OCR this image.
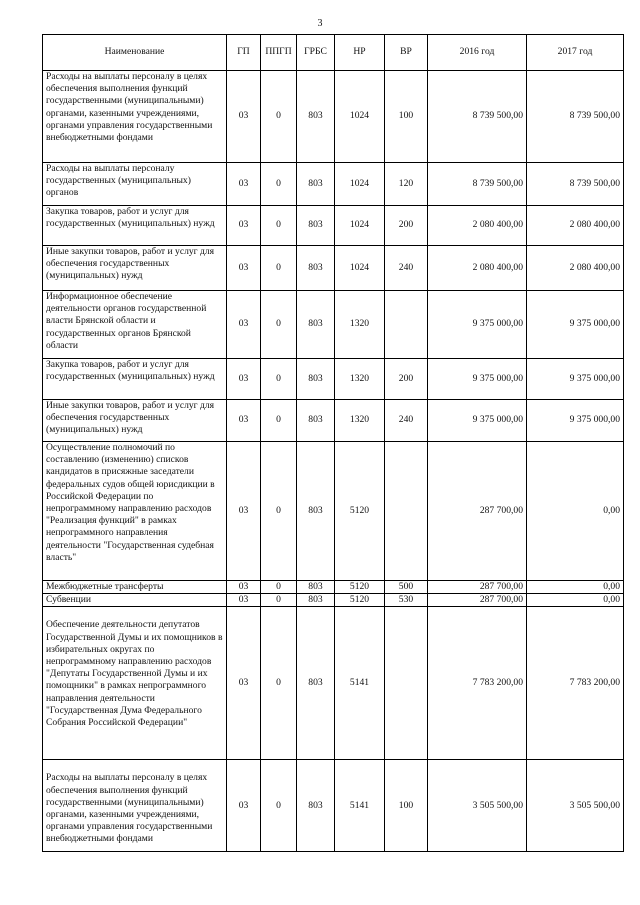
3
Наименование	ГП	ППГП	ГРБС	НР	ВР	2016 год	2017 год
Расходы на выплаты персоналу в целях обеспечения выполнения функций государственными (муниципальными) органами, казенными учреждениями, органами управления государственными внебюджетными фондами	03	0	803	1024	100	8 739 500,00	8 739 500,00
Расходы на выплаты персоналу государственных (муниципальных) органов	03	0	803	1024	120	8 739 500,00	8 739 500,00
Закупка товаров, работ и услуг для государственных (муниципальных) нужд	03	0	803	1024	200	2 080 400,00	2 080 400,00
Иные закупки товаров, работ и услуг для обеспечения государственных (муниципальных) нужд	03	0	803	1024	240	2 080 400,00	2 080 400,00
Информационное обеспечение деятельности органов государственной власти Брянской области и государственных органов Брянской области	03	0	803	1320		9 375 000,00	9 375 000,00
Закупка товаров, работ и услуг для государственных (муниципальных) нужд	03	0	803	1320	200	9 375 000,00	9 375 000,00
Иные закупки товаров, работ и услуг для обеспечения государственных (муниципальных) нужд	03	0	803	1320	240	9 375 000,00	9 375 000,00
Осуществление полномочий по составлению (изменению) списков кандидатов в присяжные заседатели федеральных судов общей юрисдикции в Российской Федерации по непрограммному направлению расходов "Реализация функций" в рамках непрограммного направления деятельности "Государственная судебная власть"	03	0	803	5120		287 700,00	0,00
Межбюджетные трансферты	03	0	803	5120	500	287 700,00	0,00
Субвенции	03	0	803	5120	530	287 700,00	0,00
Обеспечение деятельности депутатов Государственной Думы и их помощников в избирательных округах по непрограммному направлению расходов "Депутаты Государственной Думы и их помощники" в рамках непрограммного направления деятельности "Государственная Дума Федерального Собрания Российской Федерации"	03	0	803	5141		7 783 200,00	7 783 200,00
Расходы на выплаты персоналу в целях обеспечения выполнения функций государственными (муниципальными) органами, казенными учреждениями, органами управления государственными внебюджетными фондами	03	0	803	5141	100	3 505 500,00	3 505 500,00
